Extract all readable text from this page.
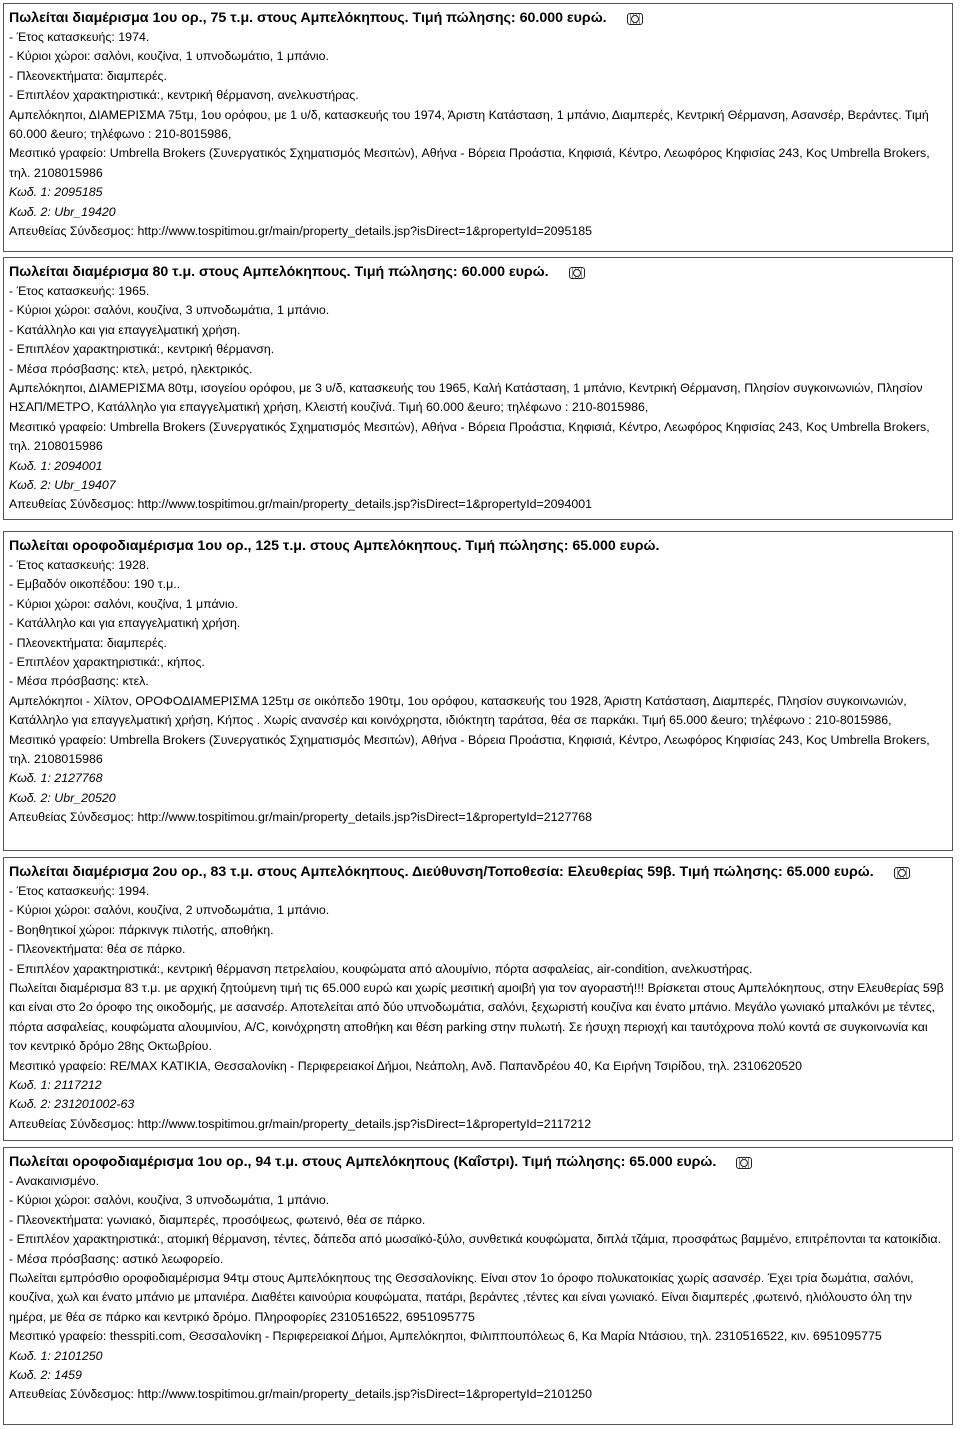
Πωλείται διαμέρισμα 1ου ορ., 75 τ.μ. στους Αμπελόκηπους. Τιμή πώλησης: 60.000 ευρώ.
- Έτος κατασκευής: 1974.
- Κύριοι χώροι: σαλόνι, κουζίνα, 1 υπνοδωμάτιο, 1 μπάνιο.
- Πλεονεκτήματα: διαμπερές.
- Επιπλέον χαρακτηριστικά:, κεντρική θέρμανση, ανελκυστήρας.
Αμπελόκηποι, ΔΙΑΜΕΡΙΣΜΑ 75τμ, 1ου ορόφου, με 1 υ/δ, κατασκευής του 1974, Άριστη Κατάσταση, 1 μπάνιο, Διαμπερές, Κεντρική Θέρμανση, Ασανσέρ, Βεράντες. Τιμή 60.000 &euro; τηλέφωνο : 210-8015986,
Μεσιτικό γραφείο: Umbrella Brokers (Συνεργατικός Σχηματισμός Μεσιτών), Αθήνα - Βόρεια Προάστια, Κηφισιά, Κέντρο, Λεωφόρος Κηφισίας 243, Κος Umbrella Brokers, τηλ. 2108015986
Κωδ. 1: 2095185
Κωδ. 2: Ubr_19420
Απευθείας Σύνδεσμος: http://www.tospitimou.gr/main/property_details.jsp?isDirect=1&propertyId=2095185
Πωλείται διαμέρισμα 80 τ.μ. στους Αμπελόκηπους. Τιμή πώλησης: 60.000 ευρώ.
- Έτος κατασκευής: 1965.
- Κύριοι χώροι: σαλόνι, κουζίνα, 3 υπνοδωμάτια, 1 μπάνιο.
- Κατάλληλο και για επαγγελματική χρήση.
- Επιπλέον χαρακτηριστικά:, κεντρική θέρμανση.
- Μέσα πρόσβασης: κτελ, μετρό, ηλεκτρικός.
Αμπελόκηποι, ΔΙΑΜΕΡΙΣΜΑ 80τμ, ισογείου ορόφου, με 3 υ/δ, κατασκευής του 1965, Καλή Κατάσταση, 1 μπάνιο, Κεντρική Θέρμανση, Πλησίον συγκοινωνιών, Πλησίον ΗΣΑΠ/ΜΕΤΡΟ, Κατάλληλο για επαγγελματική χρήση, Κλειστή κουζίνά. Τιμή 60.000 &euro; τηλέφωνο : 210-8015986,
Μεσιτικό γραφείο: Umbrella Brokers (Συνεργατικός Σχηματισμός Μεσιτών), Αθήνα - Βόρεια Προάστια, Κηφισιά, Κέντρο, Λεωφόρος Κηφισίας 243, Κος Umbrella Brokers, τηλ. 2108015986
Κωδ. 1: 2094001
Κωδ. 2: Ubr_19407
Απευθείας Σύνδεσμος: http://www.tospitimou.gr/main/property_details.jsp?isDirect=1&propertyId=2094001
Πωλείται οροφοδιαμέρισμα 1ου ορ., 125 τ.μ. στους Αμπελόκηπους. Τιμή πώλησης: 65.000 ευρώ.
- Έτος κατασκευής: 1928.
- Εμβαδόν οικοπέδου: 190 τ.μ..
- Κύριοι χώροι: σαλόνι, κουζίνα, 1 μπάνιο.
- Κατάλληλο και για επαγγελματική χρήση.
- Πλεονεκτήματα: διαμπερές.
- Επιπλέον χαρακτηριστικά:, κήπος.
- Μέσα πρόσβασης: κτελ.
Αμπελόκηποι - Χίλτον, ΟΡΟΦΟΔΙΑΜΕΡΙΣΜΑ 125τμ σε οικόπεδο 190τμ, 1ου ορόφου, κατασκευής του 1928, Άριστη Κατάσταση, Διαμπερές, Πλησίον συγκοινωνιών, Κατάλληλο για επαγγελματική χρήση, Κήπος . Χωρίς ανανσέρ και κοινόχρηστα, ιδιόκτητη ταράτσα, θέα σε παρκάκι. Τιμή 65.000 &euro; τηλέφωνο : 210-8015986,
Μεσιτικό γραφείο: Umbrella Brokers (Συνεργατικός Σχηματισμός Μεσιτών), Αθήνα - Βόρεια Προάστια, Κηφισιά, Κέντρο, Λεωφόρος Κηφισίας 243, Κος Umbrella Brokers, τηλ. 2108015986
Κωδ. 1: 2127768
Κωδ. 2: Ubr_20520
Απευθείας Σύνδεσμος: http://www.tospitimou.gr/main/property_details.jsp?isDirect=1&propertyId=2127768
Πωλείται διαμέρισμα 2ου ορ., 83 τ.μ. στους Αμπελόκηπους. Διεύθυνση/Τοποθεσία: Ελευθερίας 59β. Τιμή πώλησης: 65.000 ευρώ.
- Έτος κατασκευής: 1994.
- Κύριοι χώροι: σαλόνι, κουζίνα, 2 υπνοδωμάτια, 1 μπάνιο.
- Βοηθητικοί χώροι: πάρκινγκ πιλοτής, αποθήκη.
- Πλεονεκτήματα: θέα σε πάρκο.
- Επιπλέον χαρακτηριστικά:, κεντρική θέρμανση πετρελαίου, κουφώματα από αλουμίνιο, πόρτα ασφαλείας, air-condition, ανελκυστήρας.
Πωλείται διαμέρισμα 83 τ.μ. με αρχική ζητούμενη τιμή τις 65.000 ευρώ και χωρίς μεσιτική αμοιβή για τον αγοραστή!!! Βρίσκεται στους Αμπελόκηπους, στην Ελευθερίας 59β και είναι στο 2ο όροφο της οικοδομής, με ασανσέρ. Αποτελείται από δύο υπνοδωμάτια, σαλόνι, ξεχωριστή κουζίνα και ένατο μπάνιο. Μεγάλο γωνιακό μπαλκόνι με τέντες, πόρτα ασφαλείας, κουφώματα αλουμινίου, A/C, κοινόχρηστη αποθήκη και θέση parking στην πυλωτή. Σε ήσυχη περιοχή και ταυτόχρονα πολύ κοντά σε συγκοινωνία και τον κεντρικό δρόμο 28ης Οκτωβρίου.
Μεσιτικό γραφείο: RE/MAX ΚΑΤΙΚΙΑ, Θεσσαλονίκη - Περιφερειακοί Δήμοι, Νεάπολη, Ανδ. Παπανδρέου 40, Κα Ειρήνη Τσιρίδου, τηλ. 2310620520
Κωδ. 1: 2117212
Κωδ. 2: 231201002-63
Απευθείας Σύνδεσμος: http://www.tospitimou.gr/main/property_details.jsp?isDirect=1&propertyId=2117212
Πωλείται οροφοδιαμέρισμα 1ου ορ., 94 τ.μ. στους Αμπελόκηπους (Καΐστρι). Τιμή πώλησης: 65.000 ευρώ.
- Ανακαινισμένο.
- Κύριοι χώροι: σαλόνι, κουζίνα, 3 υπνοδωμάτια, 1 μπάνιο.
- Πλεονεκτήματα: γωνιακό, διαμπερές, προσόψεως, φωτεινό, θέα σε πάρκο.
- Επιπλέον χαρακτηριστικά:, ατομική θέρμανση, τέντες, δάπεδα από μωσαϊκό-ξύλο, συνθετικά κουφώματα, διπλά τζάμια, προσφάτως βαμμένο, επιτρέπονται τα κατοικίδια.
- Μέσα πρόσβασης: αστικό λεωφορείο.
Πωλείται εμπρόσθιο οροφοδιαμέρισμα 94τμ στους Αμπελόκηπους της Θεσσαλονίκης. Είναι στον 1ο όροφο πολυκατοικίας χωρίς ασανσέρ. Έχει τρία δωμάτια, σαλόνι, κουζίνα, χωλ και ένατο μπάνιο με μπανιέρα. Διαθέτει καινούρια κουφώματα, πατάρι, βεράντες ,τέντες και είναι γωνιακό. Είναι διαμπερές ,φωτεινό, ηλιόλουστο όλη την ημέρα, με θέα σε πάρκο και κεντρικό δρόμο. Πληροφορίες 2310516522, 6951095775
Μεσιτικό γραφείο: thesspiti.com, Θεσσαλονίκη - Περιφερειακοί Δήμοι, Αμπελόκηποι, Φιλιππουπόλεως 6, Κα Μαρία Ντάσιου, τηλ. 2310516522, κιν. 6951095775
Κωδ. 1: 2101250
Κωδ. 2: 1459
Απευθείας Σύνδεσμος: http://www.tospitimou.gr/main/property_details.jsp?isDirect=1&propertyId=2101250
